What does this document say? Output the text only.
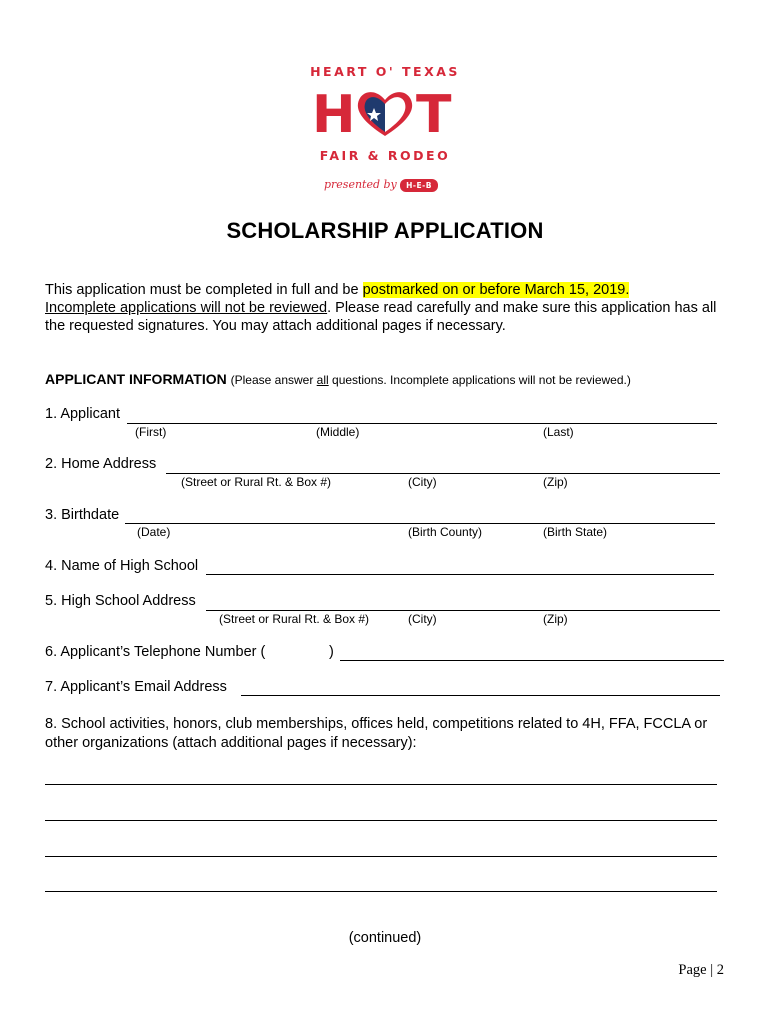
HEART O' TEXAS
H T
FAIR & RODEO
presented by	H-E-B
SCHOLARSHIP APPLICATION
This application must be completed in full and be postmarked on or before March 15, 2019.
Incomplete applications will not be reviewed. Please read carefully and make sure this application has all the requested signatures. You may attach additional pages if necessary.
APPLICANT INFORMATION (Please answer all questions. Incomplete applications will not be reviewed.)
1. Applicant
(First)	(Middle)	(Last)
2. Home Address
(Street or Rural Rt. & Box #)	(City)	(Zip)
3. Birthdate
(Date)	(Birth County)	(Birth State)
4. Name of High School
5. High School Address
(Street or Rural Rt. & Box #)	(City)	(Zip)
6. Applicant’s Telephone Number (	)
7. Applicant’s Email Address
8. School activities, honors, club memberships, offices held, competitions related to 4H, FFA, FCCLA or other organizations (attach additional pages if necessary):
(continued)
Page | 2
